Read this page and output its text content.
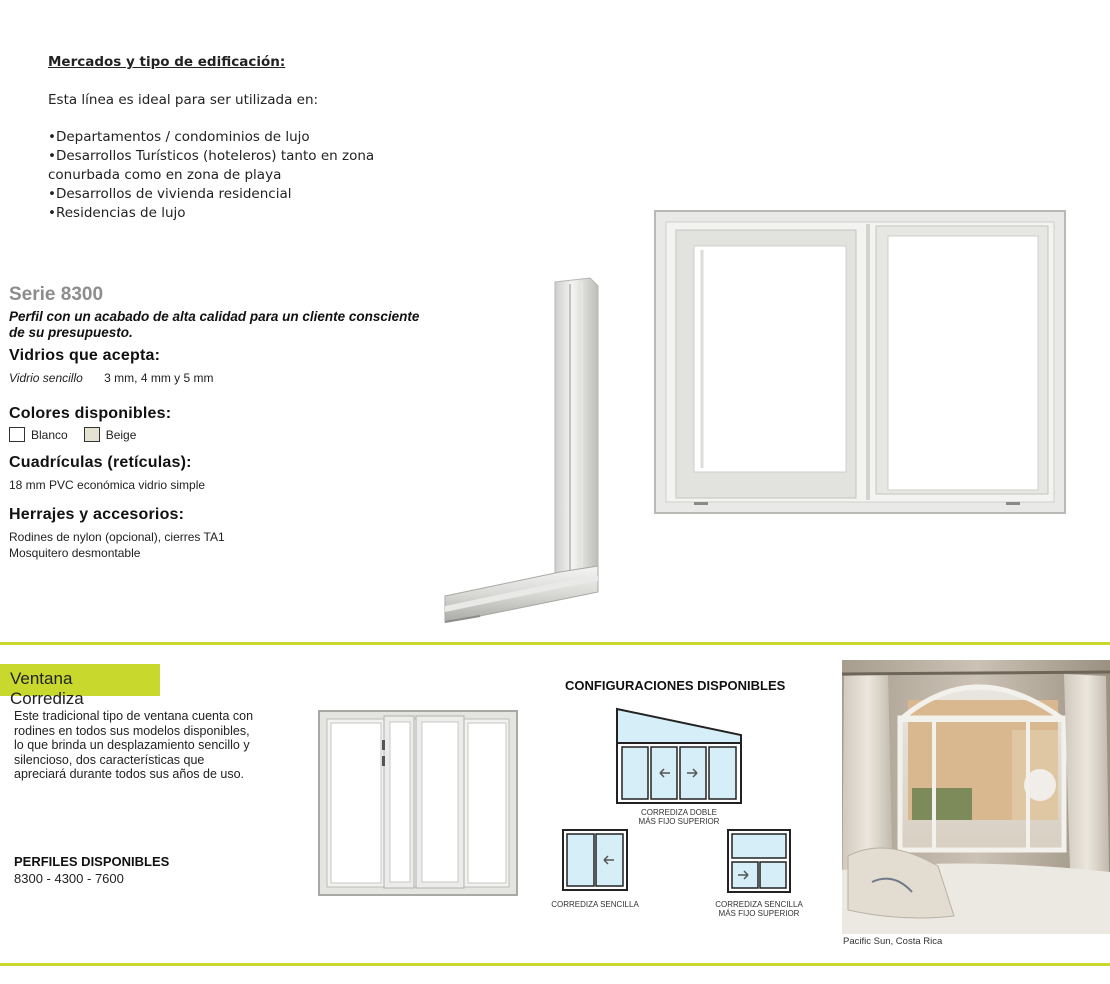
Mercados y tipo de edificación:
Esta línea es ideal para ser utilizada en:
•Departamentos / condominios de lujo
•Desarrollos Turísticos (hoteleros) tanto en zona
conurbada como en zona de playa
•Desarrollos de vivienda residencial
•Residencias de lujo
Serie 8300
Perfil con un acabado de alta calidad para un cliente consciente
de su presupuesto.
Vidrios que acepta:
Vidrio sencillo 3 mm, 4 mm y 5 mm
Colores disponibles:
Blanco	Beige
Cuadrículas (retículas):
18 mm PVC económica vidrio simple
Herrajes y accesorios:
Rodines de nylon (opcional), cierres TA1
Mosquitero desmontable
Ventana Corrediza
Este tradicional tipo de ventana cuenta con
rodines en todos sus modelos disponibles,
lo que brinda un desplazamiento sencillo y
silencioso, dos características que
apreciará durante todos sus años de uso.
PERFILES DISPONIBLES
8300 - 4300 - 7600
CONFIGURACIONES DISPONIBLES
CORREDIZA DOBLE
MÁS FIJO SUPERIOR
CORREDIZA SENCILLA	CORREDIZA SENCILLA
MÁS FIJO SUPERIOR
Pacific Sun, Costa Rica
